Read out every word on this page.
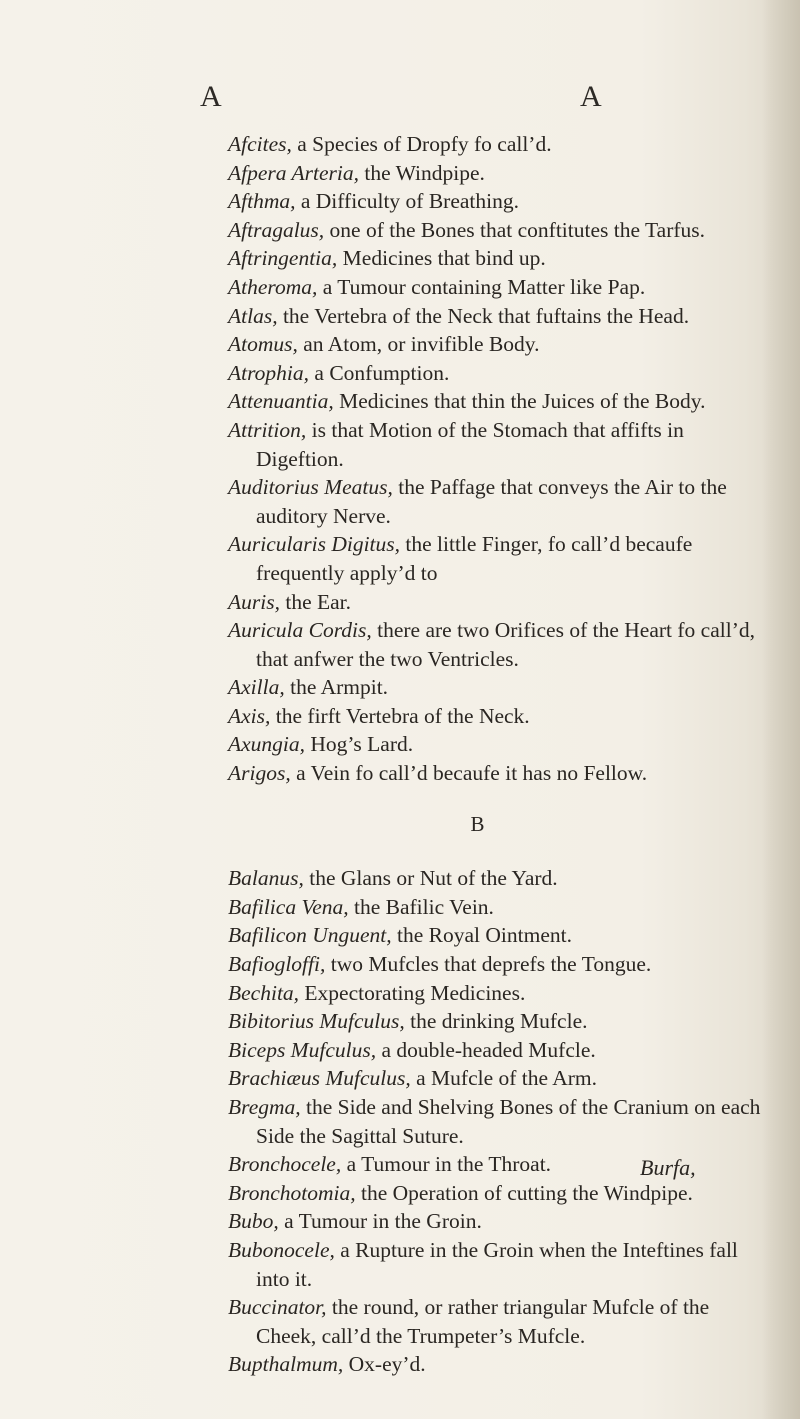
A	A

Afcites, a Species of Dropfy fo call’d.

Afpera Arteria, the Windpipe.

Afthma, a Difficulty of Breathing.

Aftragalus, one of the Bones that conftitutes the Tarfus.

Aftringentia, Medicines that bind up.

Atheroma, a Tumour containing Matter like Pap.

Atlas, the Vertebra of the Neck that fuftains the Head.

Atomus, an Atom, or invifible Body.

Atrophia, a Confumption.

Attenuantia, Medicines that thin the Juices of the Body.

Attrition, is that Motion of the Stomach that affifts in Digeftion.

Auditorius Meatus, the Paffage that conveys the Air to the auditory Nerve.

Auricularis Digitus, the little Finger, fo call’d becaufe frequently apply’d to

Auris, the Ear.

Auricula Cordis, there are two Orifices of the Heart fo call’d, that anfwer the two Ventricles.

Axilla, the Armpit.

Axis, the firft Vertebra of the Neck.

Axungia, Hog’s Lard.

Arigos, a Vein fo call’d becaufe it has no Fellow.

B

Balanus, the Glans or Nut of the Yard.

Bafilica Vena, the Bafilic Vein.

Bafilicon Unguent, the Royal Ointment.

Bafiogloffi, two Mufcles that deprefs the Tongue.

Bechita, Expectorating Medicines.

Bibitorius Mufculus, the drinking Mufcle.

Biceps Mufculus, a double-headed Mufcle.

Brachiæus Mufculus, a Mufcle of the Arm.

Bregma, the Side and Shelving Bones of the Cranium on each Side the Sagittal Suture.

Bronchocele, a Tumour in the Throat.

Bronchotomia, the Operation of cutting the Windpipe.

Bubo, a Tumour in the Groin.

Bubonocele, a Rupture in the Groin when the Inteftines fall into it.

Buccinator, the round, or rather triangular Mufcle of the Cheek, call’d the Trumpeter’s Mufcle.

Bupthalmum, Ox-ey’d.

Burfa,
